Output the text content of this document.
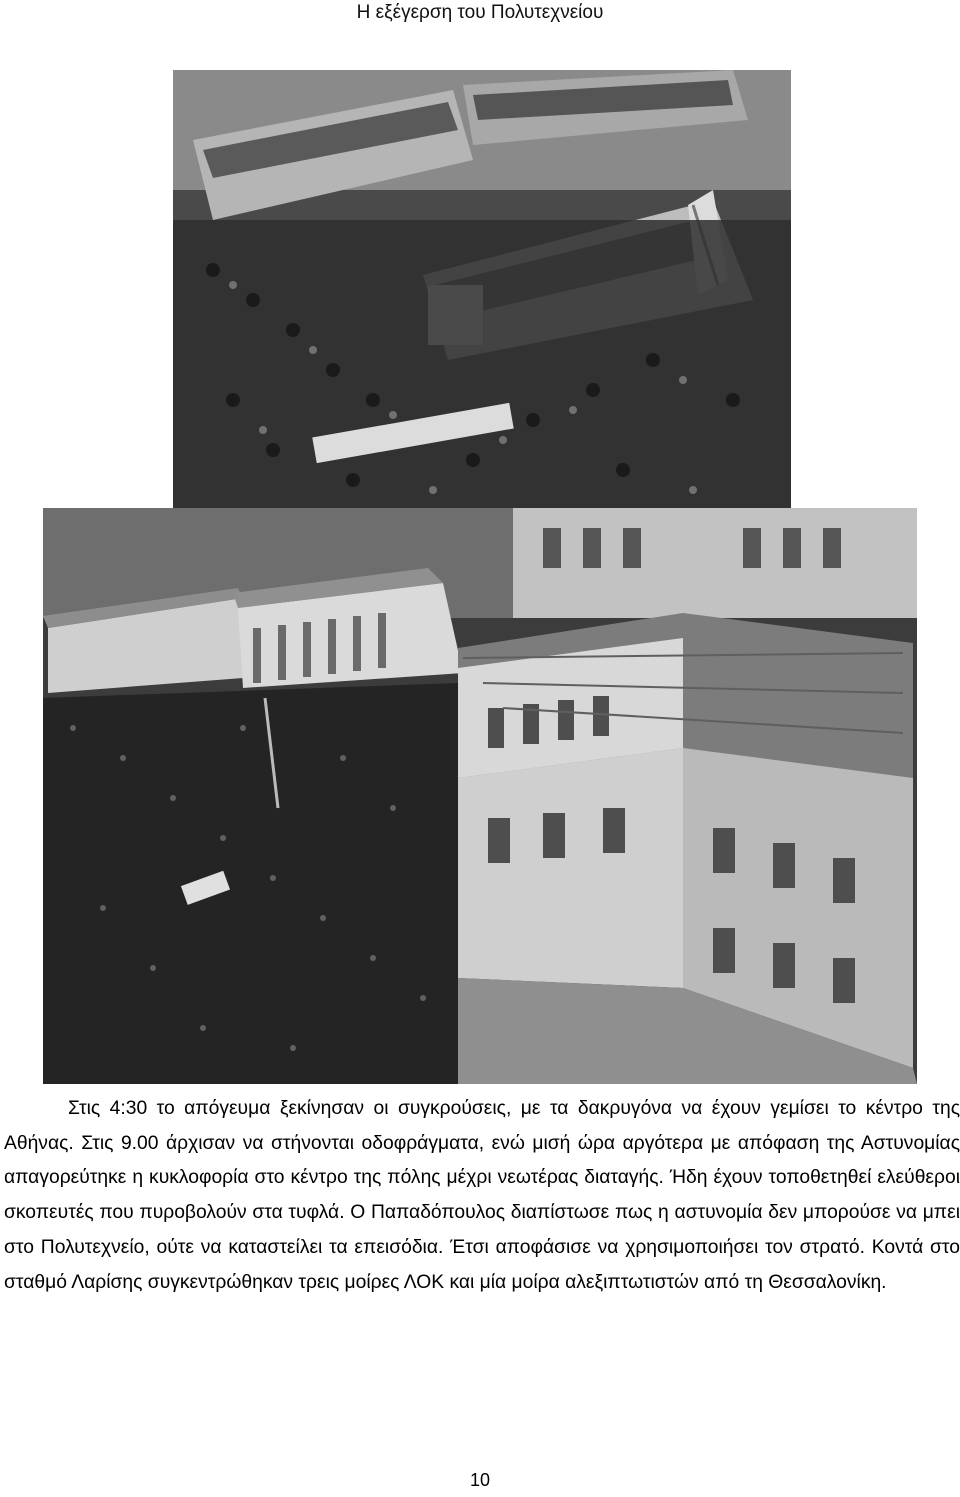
Η εξέγερση του Πολυτεχνείου
Στις 4:30 το απόγευμα ξεκίνησαν οι συγκρούσεις, με τα δακρυγόνα να έχουν γεμίσει το κέντρο της Αθήνας. Στις 9.00 άρχισαν να στήνονται οδοφράγματα, ενώ μισή ώρα αργότερα με απόφαση της Αστυνομίας απαγορεύτηκε η κυκλοφορία στο κέντρο της πόλης μέχρι νεωτέρας διαταγής. Ήδη έχουν τοποθετηθεί ελεύθεροι σκοπευτές που πυροβολούν στα τυφλά. Ο Παπαδόπουλος διαπίστωσε πως η αστυνομία δεν μπορούσε να μπει στο Πολυτεχνείο, ούτε να καταστείλει τα επεισόδια. Έτσι αποφάσισε να χρησιμοποιήσει τον στρατό. Κοντά στο σταθμό Λαρίσης συγκεντρώθηκαν τρεις μοίρες ΛΟΚ και μία μοίρα αλεξιπτωτιστών από τη Θεσσαλονίκη.
10
